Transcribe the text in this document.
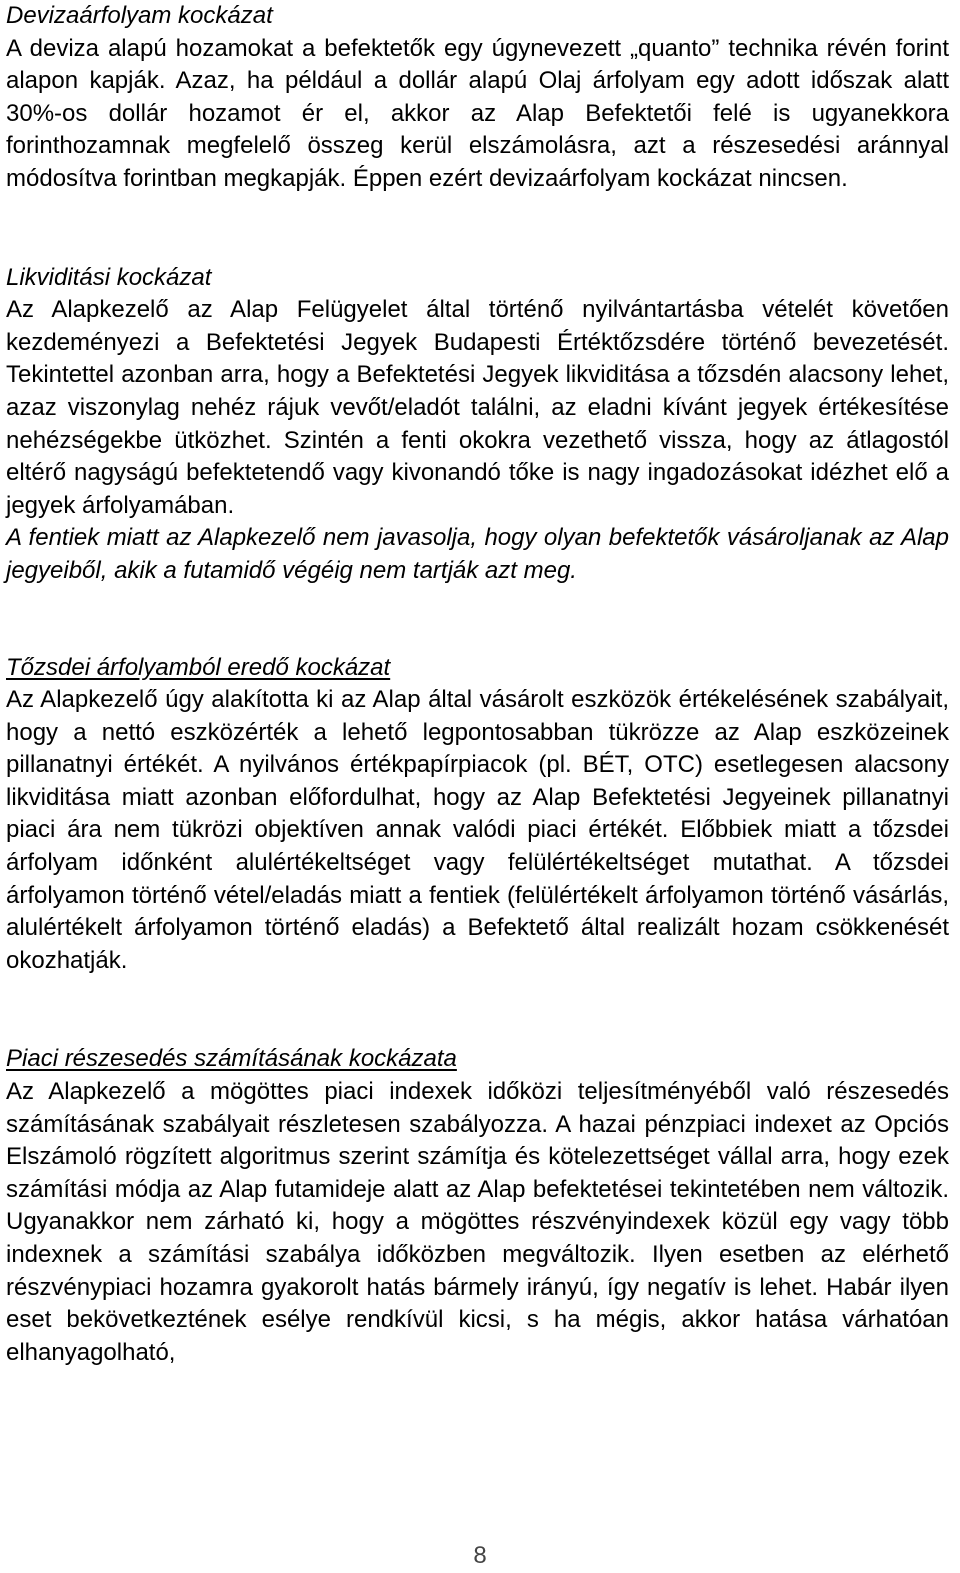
Devizaárfolyam kockázat

A deviza alapú hozamokat a befektetők egy úgynevezett „quanto” technika révén forint alapon kapják. Azaz, ha például a dollár alapú Olaj árfolyam egy adott időszak alatt 30%-os dollár hozamot ér el, akkor az Alap Befektetői felé is ugyanekkora forinthozamnak megfelelő összeg kerül elszámolásra, azt a részesedési aránnyal módosítva forintban megkapják. Éppen ezért devizaárfolyam kockázat nincsen.

Likviditási kockázat

Az Alapkezelő az Alap Felügyelet által történő nyilvántartásba vételét követően kezdeményezi a Befektetési Jegyek Budapesti Értéktőzsdére történő bevezetését. Tekintettel azonban arra, hogy a Befektetési Jegyek likviditása a tőzsdén alacsony lehet, azaz viszonylag nehéz rájuk vevőt/eladót találni, az eladni kívánt jegyek értékesítése nehézségekbe ütközhet. Szintén a fenti okokra vezethető vissza, hogy az átlagostól eltérő nagyságú befektetendő vagy kivonandó tőke is nagy ingadozásokat idézhet elő a jegyek árfolyamában.

A fentiek miatt az Alapkezelő nem javasolja, hogy olyan befektetők vásároljanak az Alap jegyeiből, akik a futamidő végéig nem tartják azt meg.

Tőzsdei árfolyamból eredő kockázat

Az Alapkezelő úgy alakította ki az Alap által vásárolt eszközök értékelésének szabályait, hogy a nettó eszközérték a lehető legpontosabban tükrözze az Alap eszközeinek pillanatnyi értékét. A nyilvános értékpapírpiacok (pl. BÉT, OTC) esetlegesen alacsony likviditása miatt azonban előfordulhat, hogy az Alap Befektetési Jegyeinek pillanatnyi piaci ára nem tükrözi objektíven annak valódi piaci értékét. Előbbiek miatt a tőzsdei árfolyam időnként alulértékeltséget vagy felülértékeltséget mutathat. A tőzsdei árfolyamon történő vétel/eladás miatt a fentiek (felülértékelt árfolyamon történő vásárlás, alulértékelt árfolyamon történő eladás) a Befektető által realizált hozam csökkenését okozhatják.

Piaci részesedés számításának kockázata

Az Alapkezelő a mögöttes piaci indexek időközi teljesítményéből való részesedés számításának szabályait részletesen szabályozza. A hazai pénzpiaci indexet az Opciós Elszámoló rögzített algoritmus szerint számítja és kötelezettséget vállal arra, hogy ezek számítási módja az Alap futamideje alatt az Alap befektetései tekintetében nem változik. Ugyanakkor nem zárható ki, hogy a mögöttes részvényindexek közül egy vagy több indexnek a számítási szabálya időközben megváltozik. Ilyen esetben az elérhető részvénypiaci hozamra gyakorolt hatás bármely irányú, így negatív is lehet. Habár ilyen eset bekövetkeztének esélye rendkívül kicsi, s ha mégis, akkor hatása várhatóan elhanyagolható,

8
